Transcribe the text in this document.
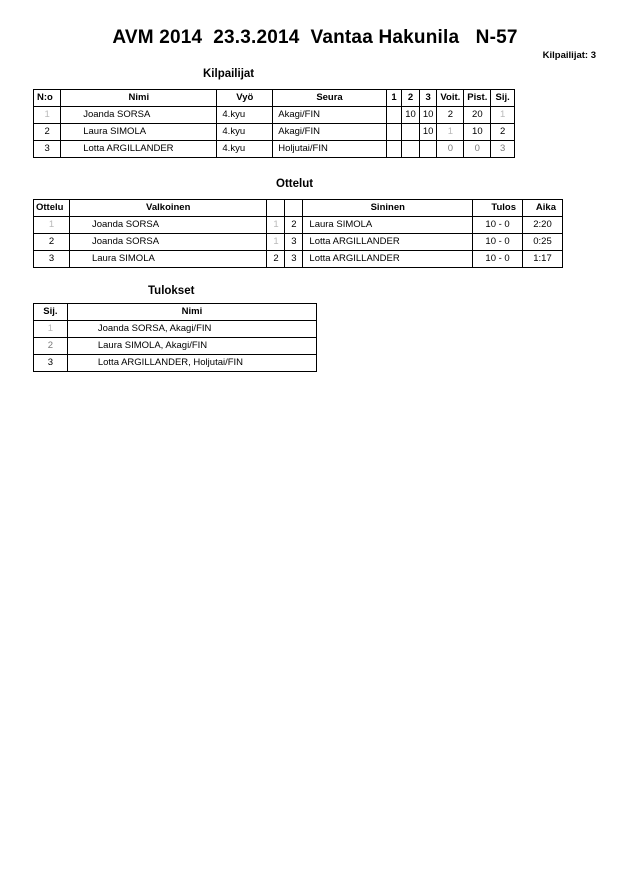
AVM 2014  23.3.2014  Vantaa Hakunila   N-57
Kilpailijat: 3
Kilpailijat
N:o	Nimi	Vyö	Seura	1	2	3	Voit.	Pist.	Sij.
1	Joanda SORSA	4.kyu	Akagi/FIN		10	10	2	20	1
2	Laura SIMOLA	4.kyu	Akagi/FIN			10	1	10	2
3	Lotta ARGILLANDER	4.kyu	Holjutai/FIN				0	0	3
Ottelut
Ottelu	Valkoinen			Sininen	Tulos	Aika
1	Joanda SORSA	1	2	Laura SIMOLA	10 - 0	2:20
2	Joanda SORSA	1	3	Lotta ARGILLANDER	10 - 0	0:25
3	Laura SIMOLA	2	3	Lotta ARGILLANDER	10 - 0	1:17
Tulokset
Sij.	Nimi
1	Joanda SORSA, Akagi/FIN
2	Laura SIMOLA, Akagi/FIN
3	Lotta ARGILLANDER, Holjutai/FIN
